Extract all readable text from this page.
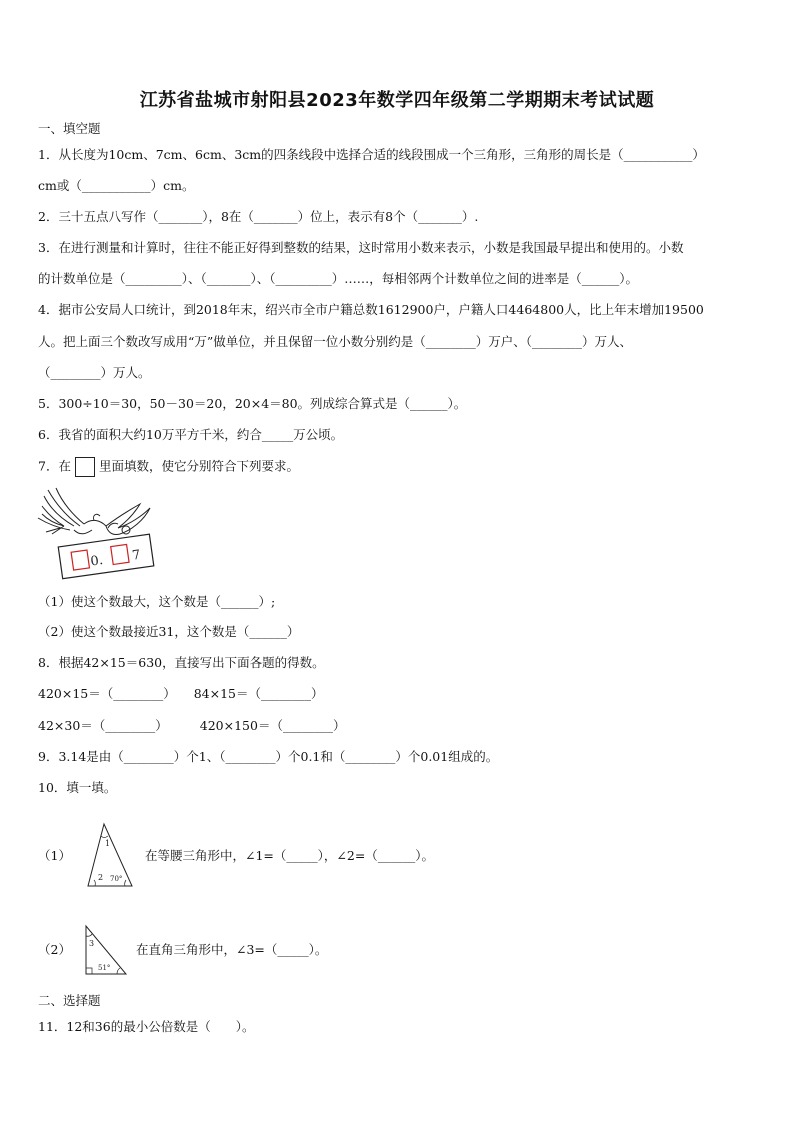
江苏省盐城市射阳县2023年数学四年级第二学期期末考试试题
一、填空题
1．从长度为10cm、7cm、6cm、3cm的四条线段中选择合适的线段围成一个三角形，三角形的周长是（___________）
cm或（___________）cm。
2．三十五点八写作（_______），8在（_______）位上，表示有8个（_______）.
3．在进行测量和计算时，往往不能正好得到整数的结果，这时常用小数来表示，小数是我国最早提出和使用的。小数
的计数单位是（_________）、（_______）、（_________）……，每相邻两个计数单位之间的进率是（______）。
4．据市公安局人口统计，到2018年末，绍兴市全市户籍总数1612900户，户籍人口4464800人，比上年末增加19500
人。把上面三个数改写成用“万”做单位，并且保留一位小数分别约是（________）万户、（________）万人、
（________）万人。
5．300÷10＝30，50－30＝20，20×4＝80。列成综合算式是（______）。
6．我省的面积大约10万平方千米，约合_____万公顷。
7．在 里面填数，使它分别符合下列要求。
0. 7
（1）使这个数最大，这个数是（______）;
（2）使这个数最接近31，这个数是（______）
8．根据42×15＝630，直接写出下面各题的得数。
420×15＝（________） 84×15＝（________）
42×30＝（________）	420×150＝（________）
9．3.14是由（________）个1、（________）个0.1和（________）个0.01组成的。
10．填一填。
（1）
1
2 70°
在等腰三角形中，∠1=（_____），∠2=（______）。
（2） 3
51°
在直角三角形中，∠3=（_____）。
二、选择题
11．12和36的最小公倍数是（　　）。
